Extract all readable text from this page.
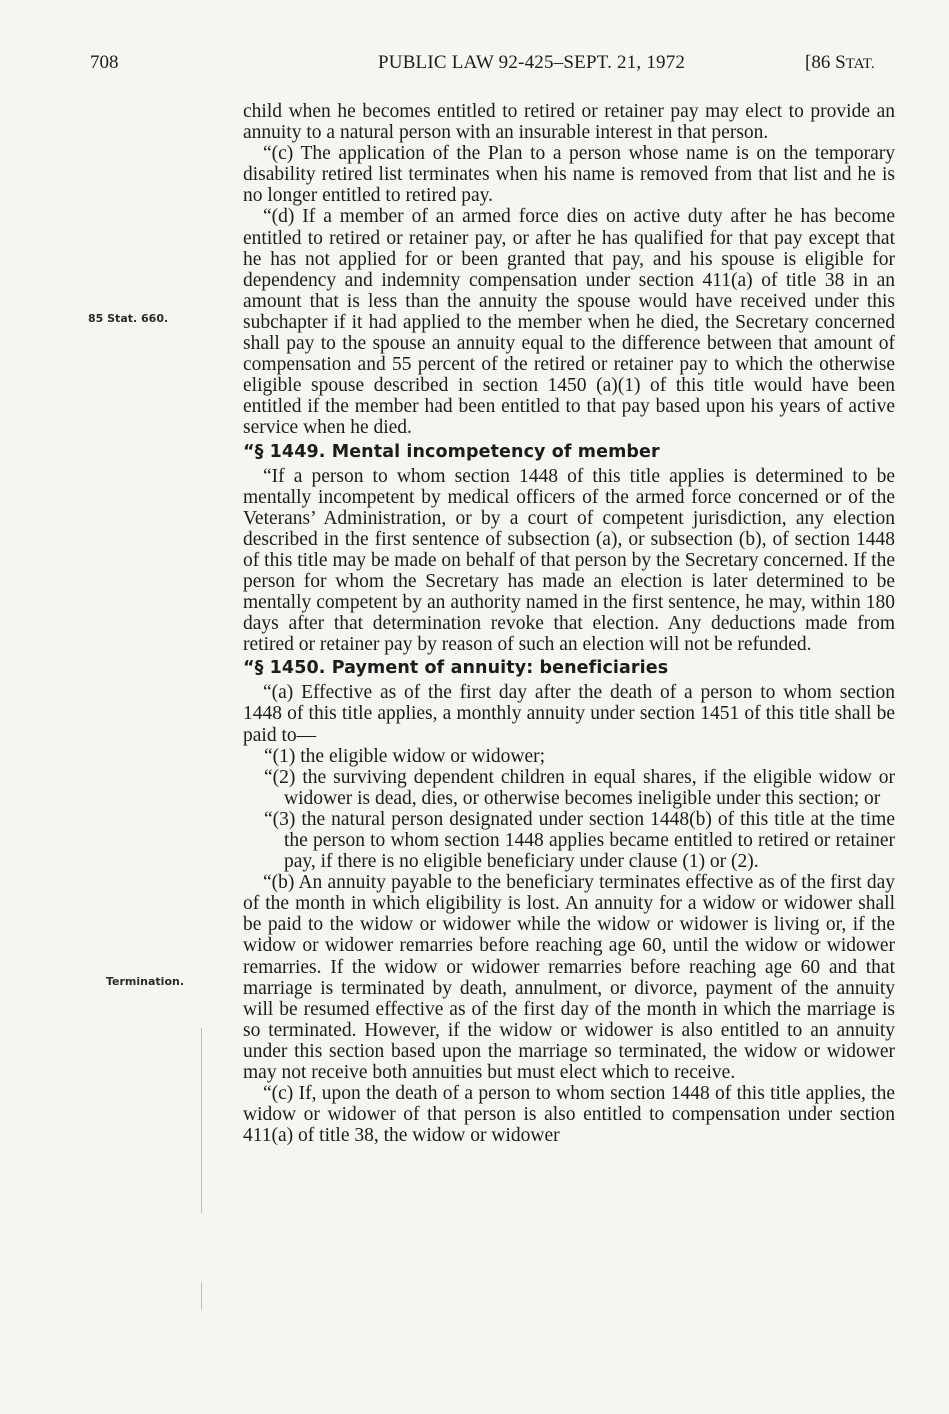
708	PUBLIC LAW 92-425–SEPT. 21, 1972	[86 STAT.
85 Stat. 660.
Termination.

child when he becomes entitled to retired or retainer pay may elect to provide an annuity to a natural person with an insurable interest in that person.

“(c) The application of the Plan to a person whose name is on the temporary disability retired list terminates when his name is removed from that list and he is no longer entitled to retired pay.

“(d) If a member of an armed force dies on active duty after he has become entitled to retired or retainer pay, or after he has qualified for that pay except that he has not applied for or been granted that pay, and his spouse is eligible for dependency and indemnity compensation under section 411(a) of title 38 in an amount that is less than the annuity the spouse would have received under this subchapter if it had applied to the member when he died, the Secretary concerned shall pay to the spouse an annuity equal to the difference between that amount of compensation and 55 percent of the retired or retainer pay to which the otherwise eligible spouse described in section 1450 (a)(1) of this title would have been entitled if the member had been entitled to that pay based upon his years of active service when he died.

“§ 1449. Mental incompetency of member

“If a person to whom section 1448 of this title applies is determined to be mentally incompetent by medical officers of the armed force concerned or of the Veterans’ Administration, or by a court of competent jurisdiction, any election described in the first sentence of subsection (a), or subsection (b), of section 1448 of this title may be made on behalf of that person by the Secretary concerned. If the person for whom the Secretary has made an election is later determined to be mentally competent by an authority named in the first sentence, he may, within 180 days after that determination revoke that election. Any deductions made from retired or retainer pay by reason of such an election will not be refunded.

“§ 1450. Payment of annuity: beneficiaries

“(a) Effective as of the first day after the death of a person to whom section 1448 of this title applies, a monthly annuity under section 1451 of this title shall be paid to—

“(1) the eligible widow or widower;

“(2) the surviving dependent children in equal shares, if the eligible widow or widower is dead, dies, or otherwise becomes ineligible under this section; or

“(3) the natural person designated under section 1448(b) of this title at the time the person to whom section 1448 applies became entitled to retired or retainer pay, if there is no eligible beneficiary under clause (1) or (2).

“(b) An annuity payable to the beneficiary terminates effective as of the first day of the month in which eligibility is lost. An annuity for a widow or widower shall be paid to the widow or widower while the widow or widower is living or, if the widow or widower remarries before reaching age 60, until the widow or widower remarries. If the widow or widower remarries before reaching age 60 and that marriage is terminated by death, annulment, or divorce, payment of the annuity will be resumed effective as of the first day of the month in which the marriage is so terminated. However, if the widow or widower is also entitled to an annuity under this section based upon the marriage so terminated, the widow or widower may not receive both annuities but must elect which to receive.

“(c) If, upon the death of a person to whom section 1448 of this title applies, the widow or widower of that person is also entitled to compensation under section 411(a) of title 38, the widow or widower
